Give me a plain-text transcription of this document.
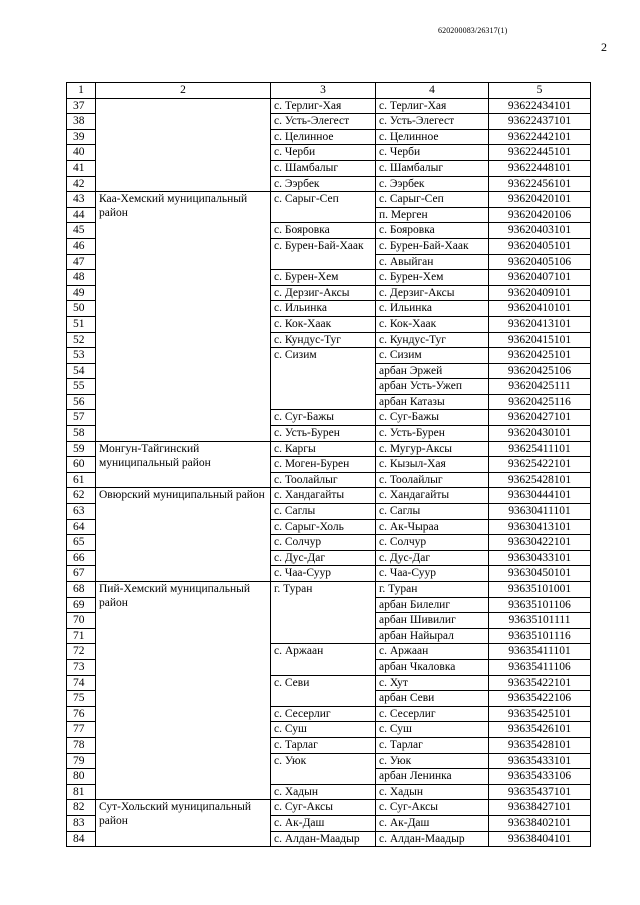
620200083/26317(1)
2
1	2	3	4	5
37		с. Терлиг-Хая	с. Терлиг-Хая	93622434101
38		с. Усть-Элегест	с. Усть-Элегест	93622437101
39		с. Целинное	с. Целинное	93622442101
40		с. Черби	с. Черби	93622445101
41		с. Шамбалыг	с. Шамбалыг	93622448101
42		с. Ээрбек	с. Ээрбек	93622456101
43	Каа-Хемский муниципальный район	с. Сарыг-Сеп	с. Сарыг-Сеп	93620420101
44			п. Мерген	93620420106
45		с. Бояровка	с. Бояровка	93620403101
46		с. Бурен-Бай-Хаак	с. Бурен-Бай-Хаак	93620405101
47			с. Авыйган	93620405106
48		с. Бурен-Хем	с. Бурен-Хем	93620407101
49		с. Дерзиг-Аксы	с. Дерзиг-Аксы	93620409101
50		с. Ильинка	с. Ильинка	93620410101
51		с. Кок-Хаак	с. Кок-Хаак	93620413101
52		с. Кундус-Туг	с. Кундус-Туг	93620415101
53		с. Сизим	с. Сизим	93620425101
54			арбан Эржей	93620425106
55			арбан Усть-Ужеп	93620425111
56			арбан Катазы	93620425116
57		с. Суг-Бажы	с. Суг-Бажы	93620427101
58		с. Усть-Бурен	с. Усть-Бурен	93620430101
59	Монгун-Тайгинский муниципальный район	с. Каргы	с. Мугур-Аксы	93625411101
60		с. Моген-Бурен	с. Кызыл-Хая	93625422101
61		с. Тоолайлыг	с. Тоолайлыг	93625428101
62	Овюрский муниципальный район	с. Хандагайты	с. Хандагайты	93630444101
63		с. Саглы	с. Саглы	93630411101
64		с. Сарыг-Холь	с. Ак-Чыраа	93630413101
65		с. Солчур	с. Солчур	93630422101
66		с. Дус-Даг	с. Дус-Даг	93630433101
67		с. Чаа-Суур	с. Чаа-Суур	93630450101
68	Пий-Хемский муниципальный район	г. Туран	г. Туран	93635101001
69			арбан Билелиг	93635101106
70			арбан Шивилиг	93635101111
71			арбан Найырал	93635101116
72		с. Аржаан	с. Аржаан	93635411101
73			арбан Чкаловка	93635411106
74		с. Севи	с. Хут	93635422101
75			арбан Севи	93635422106
76		с. Сесерлиг	с. Сесерлиг	93635425101
77		с. Суш	с. Суш	93635426101
78		с. Тарлаг	с. Тарлаг	93635428101
79		с. Уюк	с. Уюк	93635433101
80			арбан Ленинка	93635433106
81		с. Хадын	с. Хадын	93635437101
82	Сут-Хольский муниципальный район	с. Суг-Аксы	с. Суг-Аксы	93638427101
83		с. Ак-Даш	с. Ак-Даш	93638402101
84		с. Алдан-Маадыр	с. Алдан-Маадыр	93638404101
